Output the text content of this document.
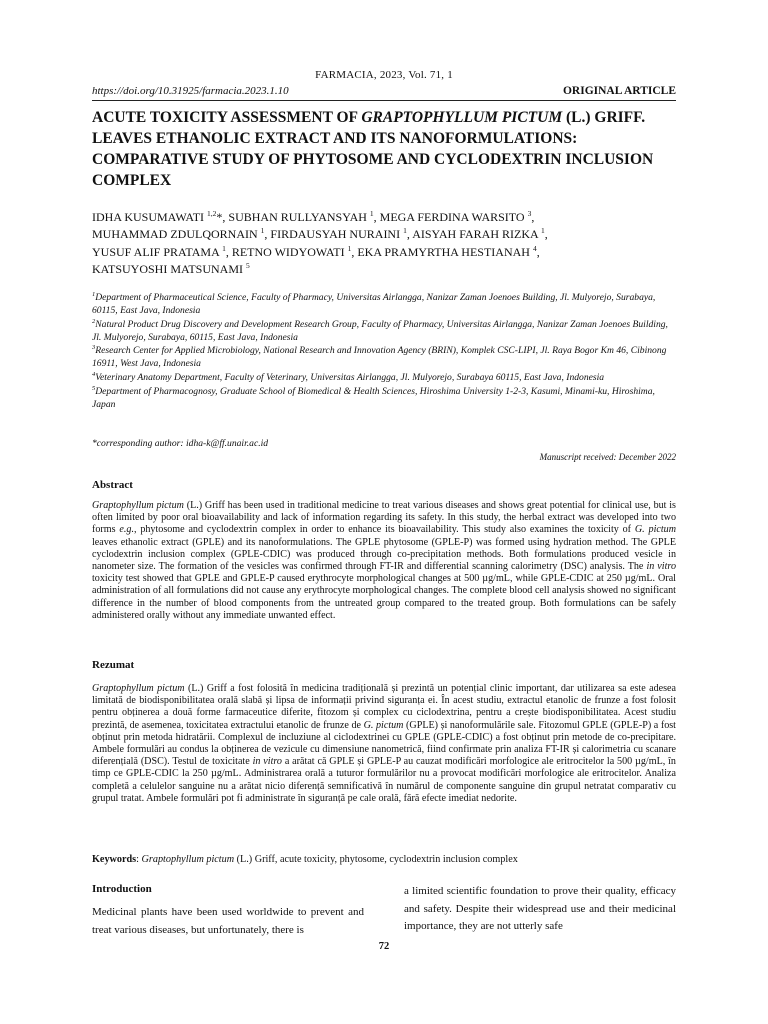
FARMACIA, 2023, Vol. 71, 1
https://doi.org/10.31925/farmacia.2023.1.10	ORIGINAL ARTICLE
ACUTE TOXICITY ASSESSMENT OF GRAPTOPHYLLUM PICTUM (L.) GRIFF. LEAVES ETHANOLIC EXTRACT AND ITS NANOFORMULATIONS: COMPARATIVE STUDY OF PHYTOSOME AND CYCLODEXTRIN INCLUSION COMPLEX

IDHA KUSUMAWATI $^{1,2}$*, SUBHAN RULLYANSYAH $^1$, MEGA FERDINA WARSITO $^3$,
MUHAMMAD ZDULQORNAIN $^1$, FIRDAUSYAH NURAINI $^1$, AISYAH FARAH RIZKA $^1$,
YUSUF ALIF PRATAMA $^1$, RETNO WIDYOWATI $^1$, EKA PRAMYRTHA HESTIANAH $^4$,
KATSUYOSHI MATSUNAMI $^5$

$^1$Department of Pharmaceutical Science, Faculty of Pharmacy, Universitas Airlangga, Nanizar Zaman Joenoes Building, Jl. Mulyorejo, Surabaya, 60115, East Java, Indonesia

$^2$Natural Product Drug Discovery and Development Research Group, Faculty of Pharmacy, Universitas Airlangga, Nanizar Zaman Joenoes Building, Jl. Mulyorejo, Surabaya, 60115, East Java, Indonesia

$^3$Research Center for Applied Microbiology, National Research and Innovation Agency (BRIN), Komplek CSC-LIPI, Jl. Raya Bogor Km 46, Cibinong 16911, West Java, Indonesia

$^4$Veterinary Anatomy Department, Faculty of Veterinary, Universitas Airlangga, Jl. Mulyorejo, Surabaya 60115, East Java, Indonesia

$^5$Department of Pharmacognosy, Graduate School of Biomedical & Health Sciences, Hiroshima University 1-2-3, Kasumi, Minami-ku, Hiroshima, Japan

*corresponding author: idha-k@ff.unair.ac.id
Manuscript received: December 2022
Abstract

Graptophyllum pictum (L.) Griff has been used in traditional medicine to treat various diseases and shows great potential for clinical use, but is often limited by poor oral bioavailability and lack of information regarding its safety. In this study, the herbal extract was developed into two forms e.g., phytosome and cyclodextrin complex in order to enhance its bioavailability. This study also examines the toxicity of G. pictum leaves ethanolic extract (GPLE) and its nanoformulations. The GPLE phytosome (GPLE-P) was formed using hydration method. The GPLE cyclodextrin inclusion complex (GPLE-CDIC) was produced through co-precipitation methods. Both formulations produced vesicle in nanometer size. The formation of the vesicles was confirmed through FT-IR and differential scanning calorimetry (DSC) analysis. The in vitro toxicity test showed that GPLE and GPLE-P caused erythrocyte morphological changes at 500 µg/mL, while GPLE-CDIC at 250 µg/mL. Oral administration of all formulations did not cause any erythrocyte morphological changes. The complete blood cell analysis showed no significant difference in the number of blood components from the untreated group compared to the treated group. Both formulations can be safely administered orally without any immediate unwanted effect.

Rezumat

Graptophyllum pictum (L.) Griff a fost folosită în medicina tradițională și prezintă un potențial clinic important, dar utilizarea sa este adesea limitată de biodisponibilitatea orală slabă și lipsa de informații privind siguranța ei. În acest studiu, extractul etanolic de frunze a fost folosit pentru obținerea a două forme farmaceutice diferite, fitozom și complex cu ciclodextrina, pentru a crește biodisponibilitatea. Acest studiu prezintă, de asemenea, toxicitatea extractului etanolic de frunze de G. pictum (GPLE) și nanoformulările sale. Fitozomul GPLE (GPLE-P) a fost obținut prin metoda hidratării. Complexul de incluziune al ciclodextrinei cu GPLE (GPLE-CDIC) a fost obținut prin metode de co-precipitare. Ambele formulări au condus la obținerea de vezicule cu dimensiune nanometrică, fiind confirmate prin analiza FT-IR și calorimetria cu scanare diferențială (DSC). Testul de toxicitate in vitro a arătat că GPLE și GPLE-P au cauzat modificări morfologice ale eritrocitelor la 500 µg/mL, în timp ce GPLE-CDIC la 250 µg/mL. Administrarea orală a tuturor formulărilor nu a provocat modificări morfologice ale eritrocitelor. Analiza completă a celulelor sanguine nu a arătat nicio diferență semnificativă în numărul de componente sanguine din grupul netratat comparativ cu grupul tratat. Ambele formulări pot fi administrate în siguranță pe cale orală, fără efecte imediat nedorite.

Keywords: Graptophyllum pictum (L.) Griff, acute toxicity, phytosome, cyclodextrin inclusion complex

Introduction

Medicinal plants have been used worldwide to prevent and treat various diseases, but unfortunately, there is

a limited scientific foundation to prove their quality, efficacy and safety. Despite their widespread use and their medicinal importance, they are not utterly safe

72
